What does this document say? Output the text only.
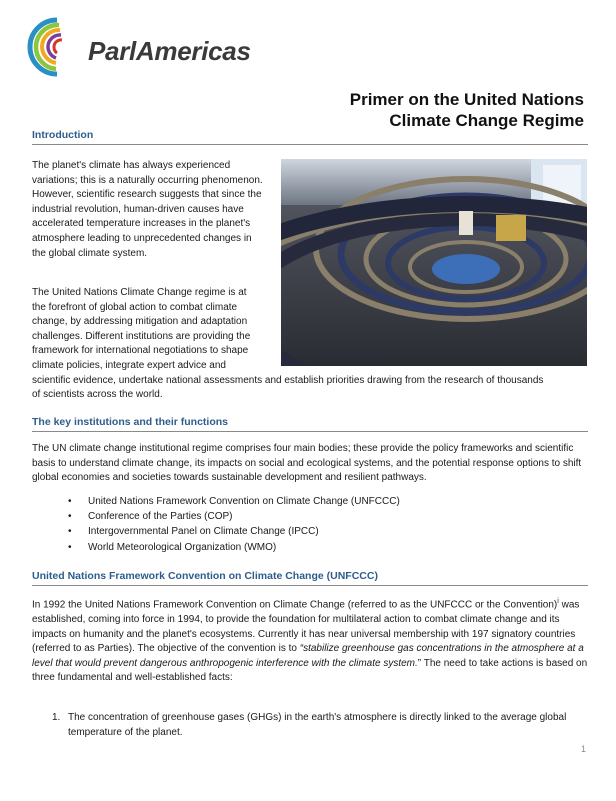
ParlAmericas
Primer on the United Nations
Climate Change Regime
Introduction
The planet's climate has always experienced variations; this is a naturally occurring phenomenon. However, scientific research suggests that since the industrial revolution, human-driven causes have accelerated temperature increases in the planet's atmosphere leading to unprecedented changes in the global climate system.
The United Nations Climate Change regime is at
the forefront of global action to combat climate
change, by addressing mitigation and adaptation
challenges. Different institutions are providing the
framework for international negotiations to shape
climate policies, integrate expert advice and
scientific evidence, undertake national assessments and establish priorities drawing from the research of thousands
of scientists across the world.
The key institutions and their functions
The UN climate change institutional regime comprises four main bodies; these provide the policy frameworks and scientific basis to understand climate change, its impacts on social and ecological systems, and the potential response options to shift global economies and societies towards sustainable development and resilient pathways.
• United Nations Framework Convention on Climate Change (UNFCCC)
• Conference of the Parties (COP)
• Intergovernmental Panel on Climate Change (IPCC)
• World Meteorological Organization (WMO)
United Nations Framework Convention on Climate Change (UNFCCC)
In 1992 the United Nations Framework Convention on Climate Change (referred to as the UNFCCC or the Convention)$^i$ was established, coming into force in 1994, to provide the foundation for multilateral action to combat climate change and its impacts on humanity and the planet's ecosystems. Currently it has near universal membership with 197 signatory countries (referred to as Parties). The objective of the convention is to “stabilize greenhouse gas concentrations in the atmosphere at a level that would prevent dangerous anthropogenic interference with the climate system.” The need to take actions is based on three fundamental and well-established facts:
1. The concentration of greenhouse gases (GHGs) in the earth's atmosphere is directly linked to the average global temperature of the planet.
1
